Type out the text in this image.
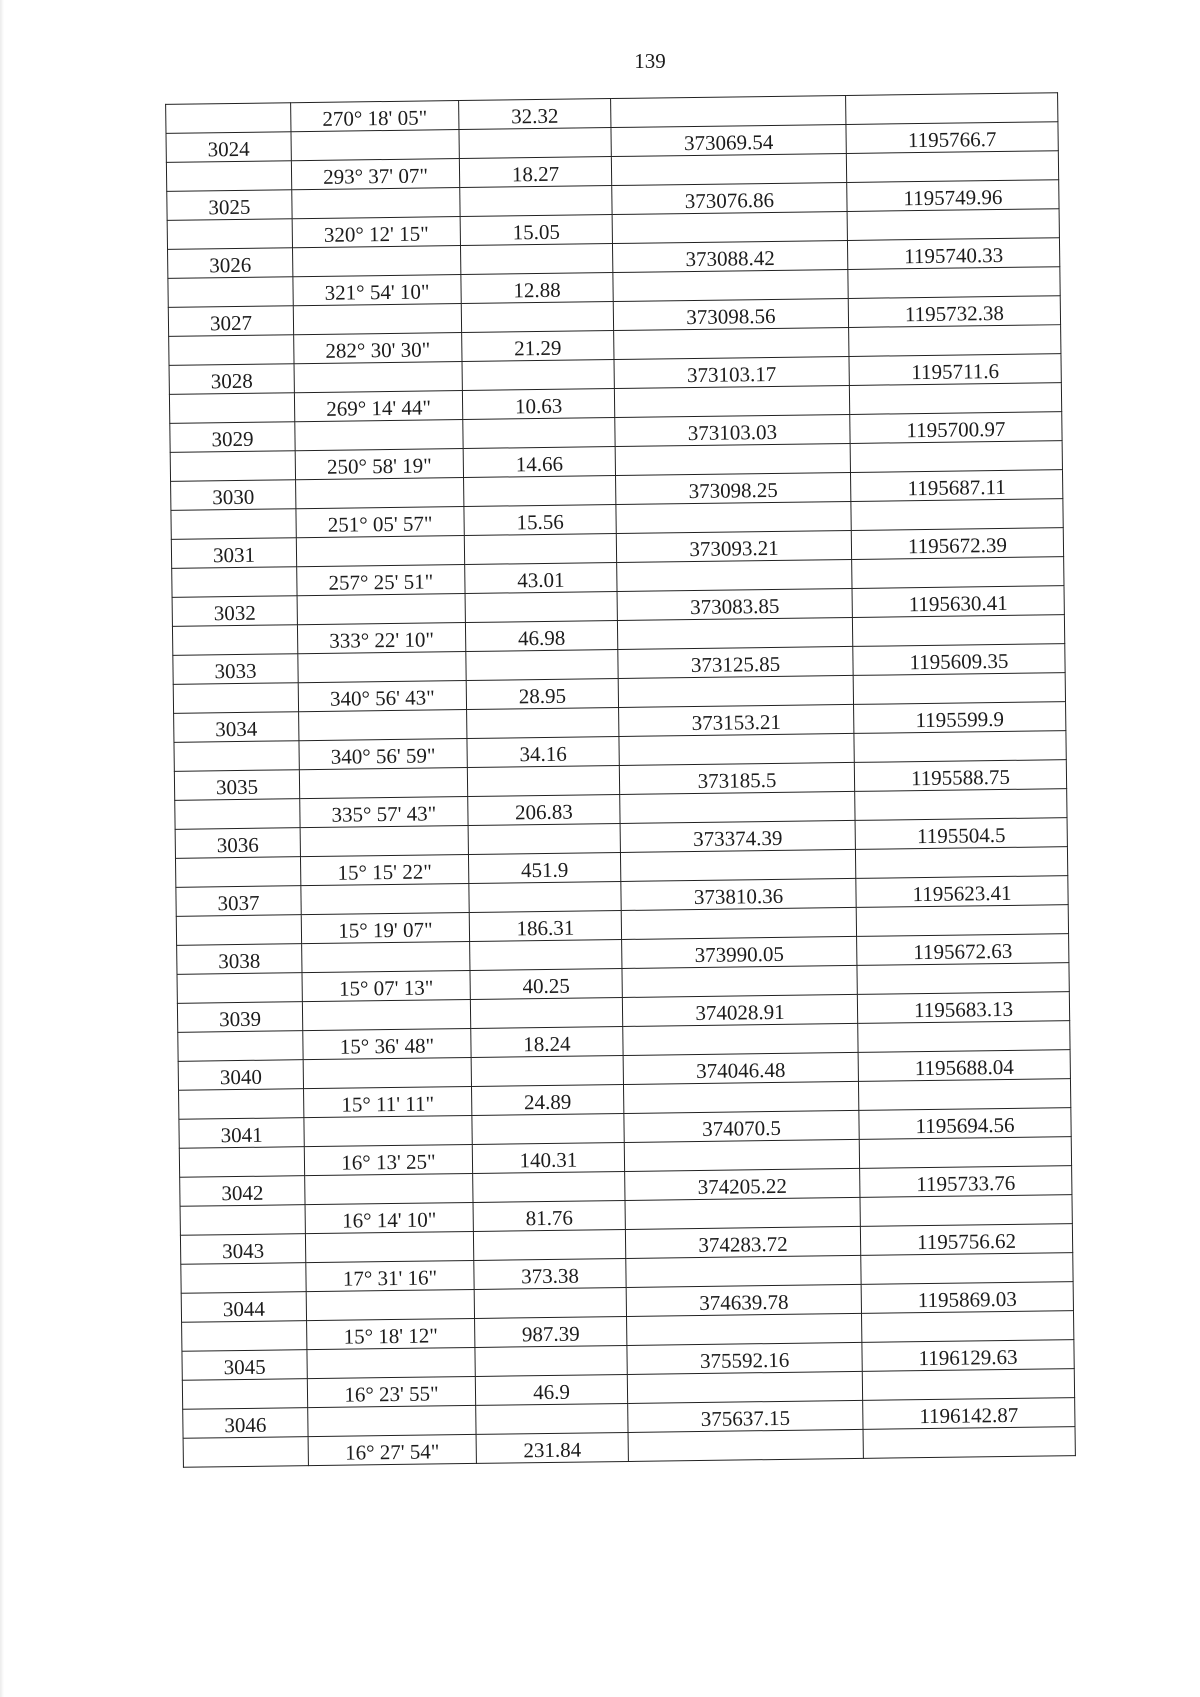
139
	270° 18' 05"	32.32		
3024			373069.54	1195766.7
	293° 37' 07"	18.27		
3025			373076.86	1195749.96
	320° 12' 15"	15.05		
3026			373088.42	1195740.33
	321° 54' 10"	12.88		
3027			373098.56	1195732.38
	282° 30' 30"	21.29		
3028			373103.17	1195711.6
	269° 14' 44"	10.63		
3029			373103.03	1195700.97
	250° 58' 19"	14.66		
3030			373098.25	1195687.11
	251° 05' 57"	15.56		
3031			373093.21	1195672.39
	257° 25' 51"	43.01		
3032			373083.85	1195630.41
	333° 22' 10"	46.98		
3033			373125.85	1195609.35
	340° 56' 43"	28.95		
3034			373153.21	1195599.9
	340° 56' 59"	34.16		
3035			373185.5	1195588.75
	335° 57' 43"	206.83		
3036			373374.39	1195504.5
	15° 15' 22"	451.9		
3037			373810.36	1195623.41
	15° 19' 07"	186.31		
3038			373990.05	1195672.63
	15° 07' 13"	40.25		
3039			374028.91	1195683.13
	15° 36' 48"	18.24		
3040			374046.48	1195688.04
	15° 11' 11"	24.89		
3041			374070.5	1195694.56
	16° 13' 25"	140.31		
3042			374205.22	1195733.76
	16° 14' 10"	81.76		
3043			374283.72	1195756.62
	17° 31' 16"	373.38		
3044			374639.78	1195869.03
	15° 18' 12"	987.39		
3045			375592.16	1196129.63
	16° 23' 55"	46.9		
3046			375637.15	1196142.87
	16° 27' 54"	231.84		
